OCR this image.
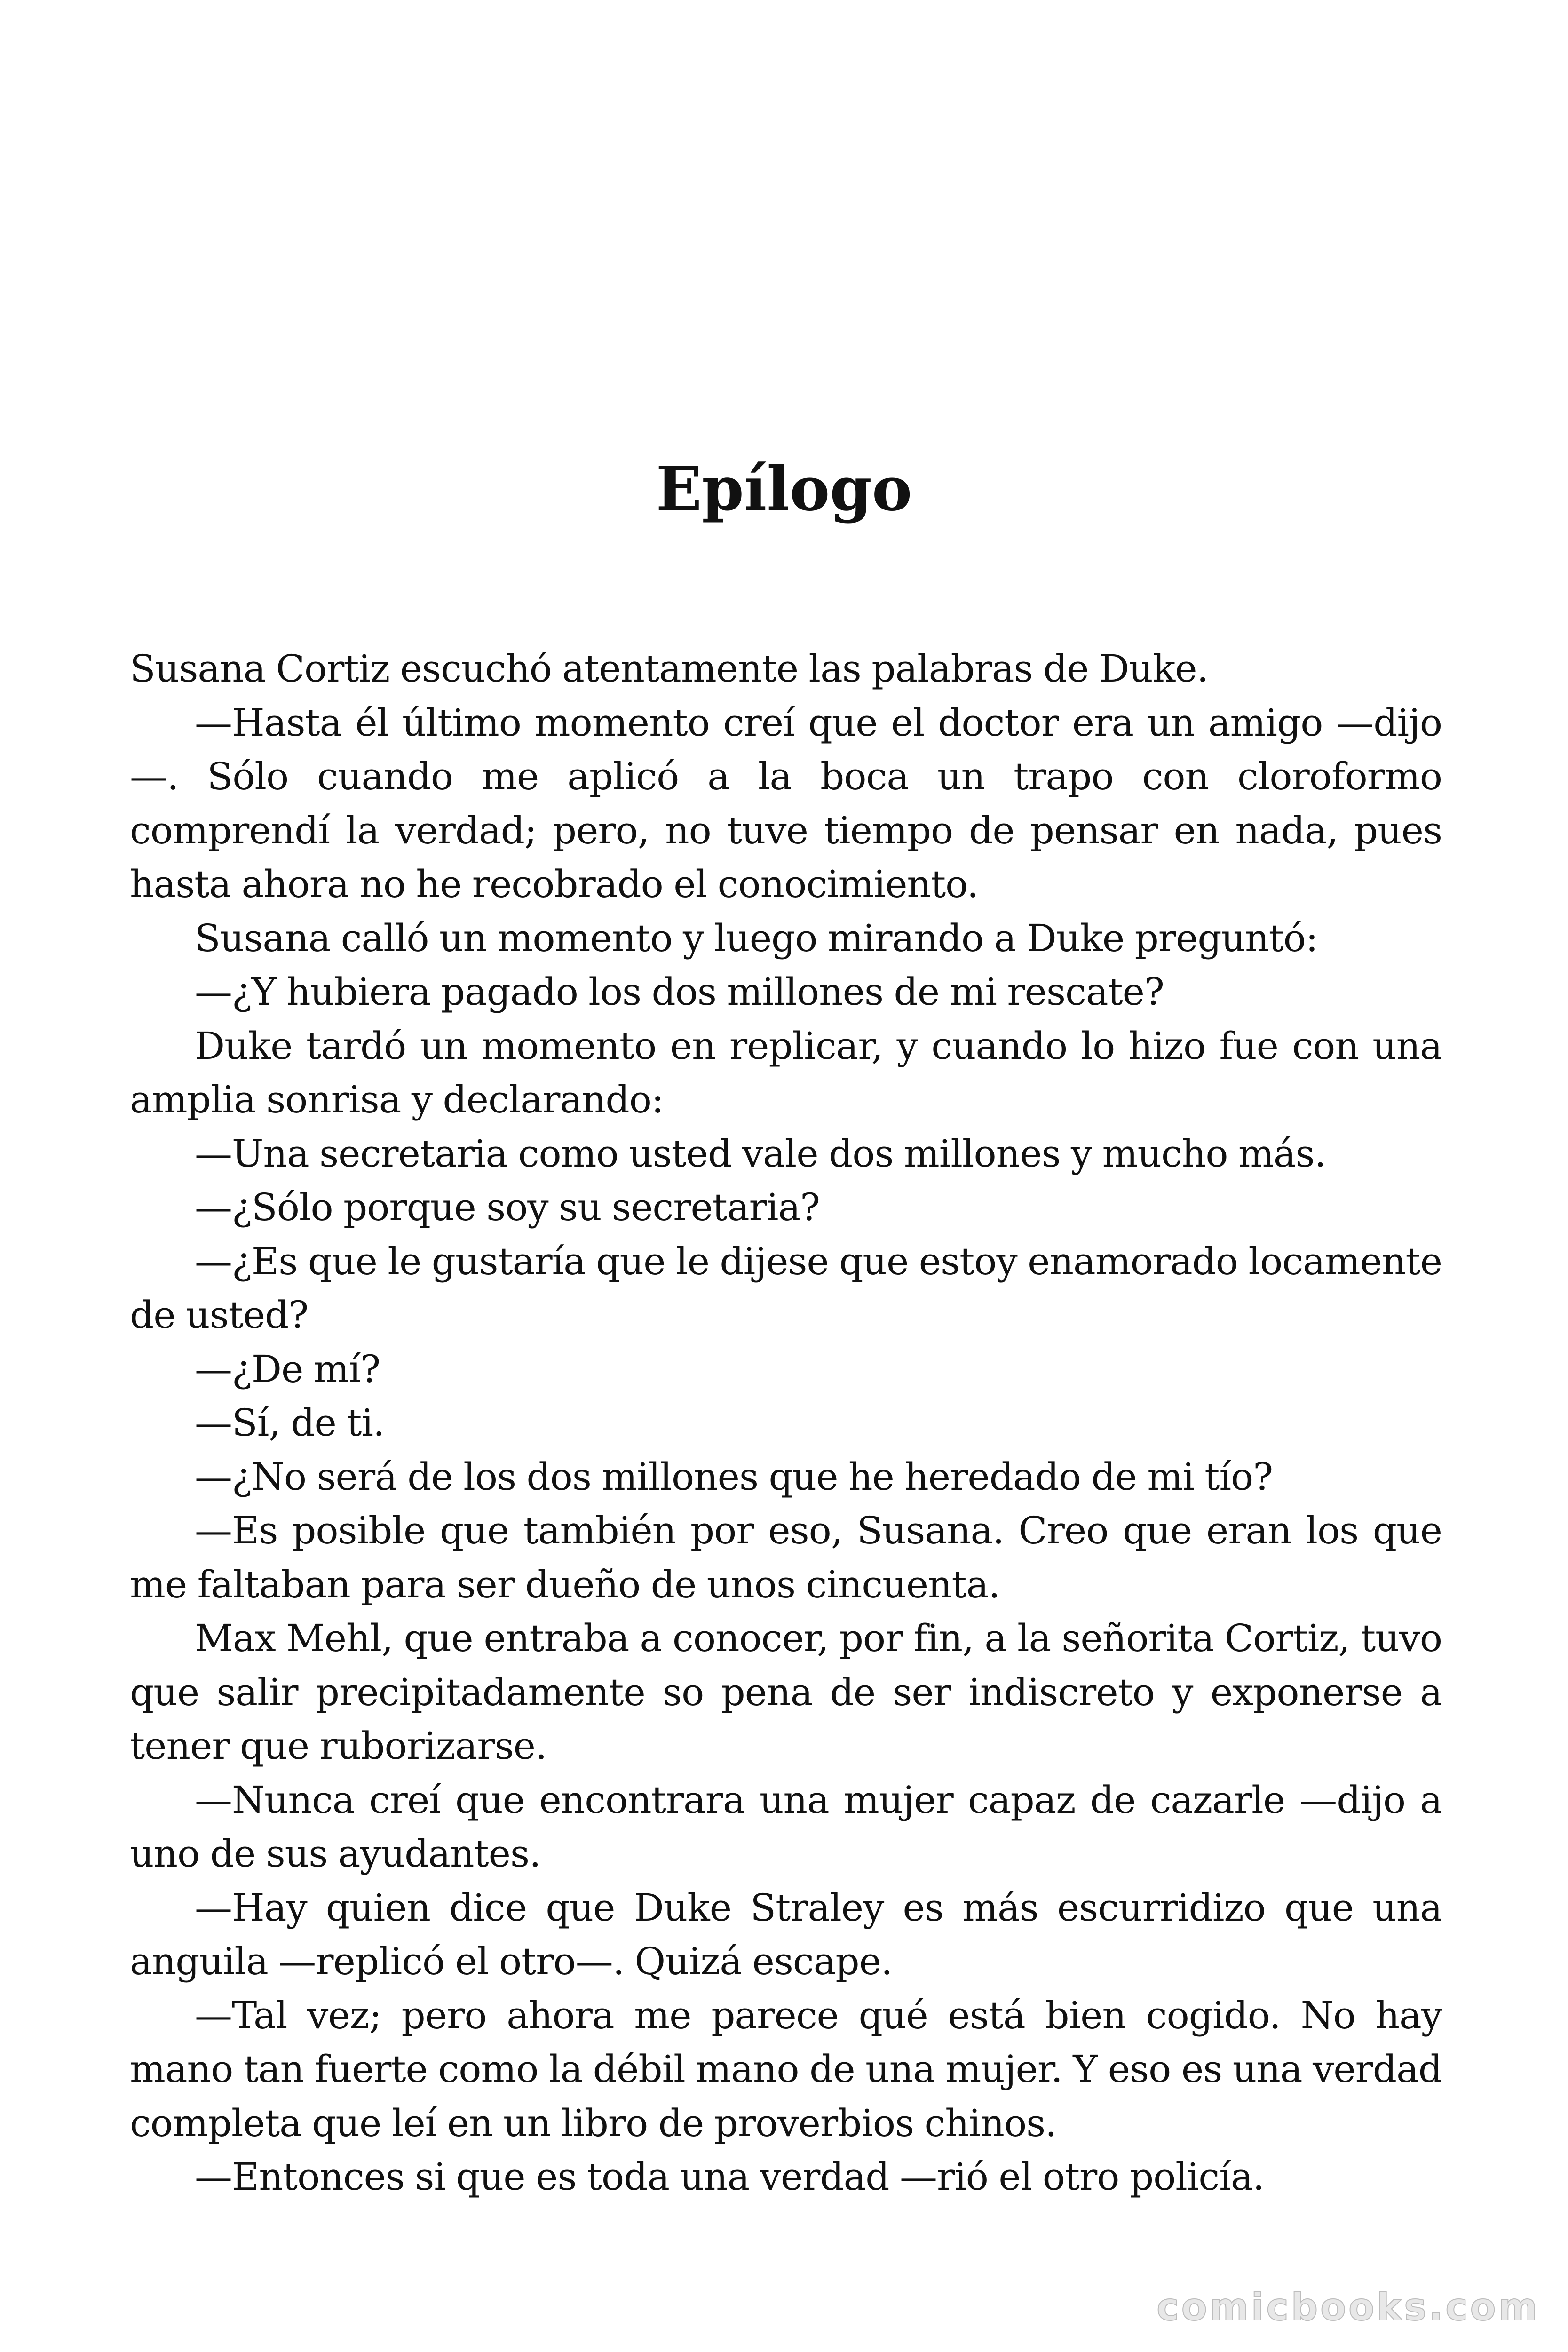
Epílogo

Susana Cortiz escuchó atentamente las palabras de Duke.

—Hasta él último momento creí que el doctor era un amigo —dijo—. Sólo cuando me aplicó a la boca un trapo con cloroformo comprendí la verdad; pero, no tuve tiempo de pensar en nada, pues hasta ahora no he recobrado el conocimiento.

Susana calló un momento y luego mirando a Duke preguntó:

—¿Y hubiera pagado los dos millones de mi rescate?

Duke tardó un momento en replicar, y cuando lo hizo fue con una amplia sonrisa y declarando:

—Una secretaria como usted vale dos millones y mucho más.

—¿Sólo porque soy su secretaria?

—¿Es que le gustaría que le dijese que estoy enamorado locamente de usted?

—¿De mí?

—Sí, de ti.

—¿No será de los dos millones que he heredado de mi tío?

—Es posible que también por eso, Susana. Creo que eran los que me faltaban para ser dueño de unos cincuenta.

Max Mehl, que entraba a conocer, por fin, a la señorita Cortiz, tuvo que salir precipitadamente so pena de ser indiscreto y exponerse a tener que ruborizarse.

—Nunca creí que encontrara una mujer capaz de cazarle —dijo a uno de sus ayudantes.

—Hay quien dice que Duke Straley es más escurridizo que una anguila —replicó el otro—. Quizá escape.

—Tal vez; pero ahora me parece qué está bien cogido. No hay mano tan fuerte como la débil mano de una mujer. Y eso es una verdad completa que leí en un libro de proverbios chinos.

—Entonces si que es toda una verdad —rió el otro policía.

comicbooks.com
